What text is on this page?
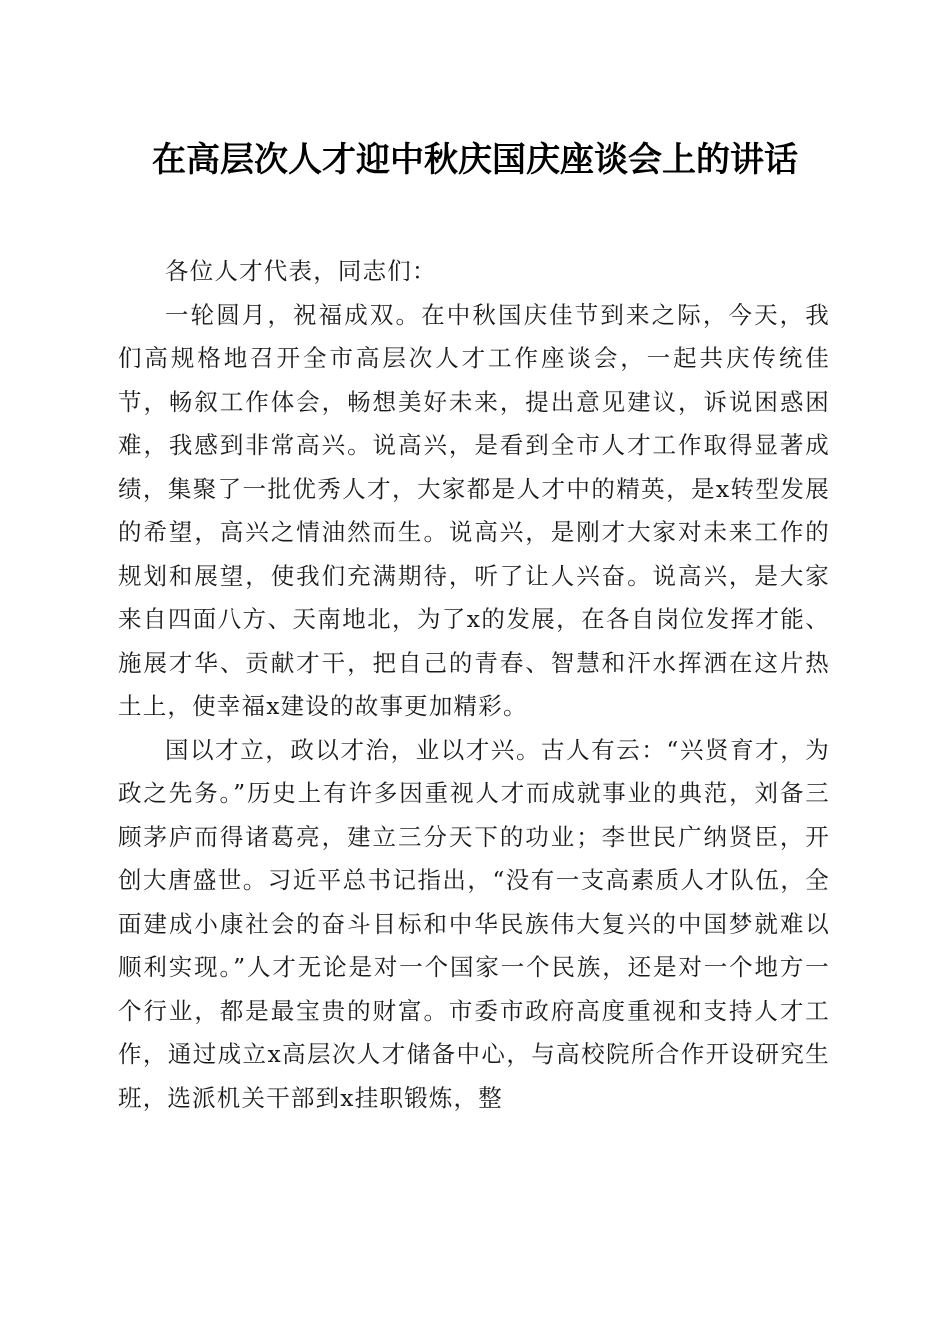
在高层次人才迎中秋庆国庆座谈会上的讲话

各位人才代表，同志们：

一轮圆月，祝福成双。在中秋国庆佳节到来之际，今天，我们高规格地召开全市高层次人才工作座谈会，一起共庆传统佳节，畅叙工作体会，畅想美好未来，提出意见建议，诉说困惑困难，我感到非常高兴。说高兴，是看到全市人才工作取得显著成绩，集聚了一批优秀人才，大家都是人才中的精英，是x转型发展的希望，高兴之情油然而生。说高兴，是刚才大家对未来工作的规划和展望，使我们充满期待，听了让人兴奋。说高兴，是大家来自四面八方、天南地北，为了x的发展，在各自岗位发挥才能、施展才华、贡献才干，把自己的青春、智慧和汗水挥洒在这片热土上，使幸福x建设的故事更加精彩。

国以才立，政以才治，业以才兴。古人有云：“兴贤育才，为政之先务。”历史上有许多因重视人才而成就事业的典范，刘备三顾茅庐而得诸葛亮，建立三分天下的功业；李世民广纳贤臣，开创大唐盛世。习近平总书记指出，“没有一支高素质人才队伍，全面建成小康社会的奋斗目标和中华民族伟大复兴的中国梦就难以顺利实现。”人才无论是对一个国家一个民族，还是对一个地方一个行业，都是最宝贵的财富。市委市政府高度重视和支持人才工作，通过成立x高层次人才储备中心，与高校院所合作开设研究生班，选派机关干部到x挂职锻炼，整
